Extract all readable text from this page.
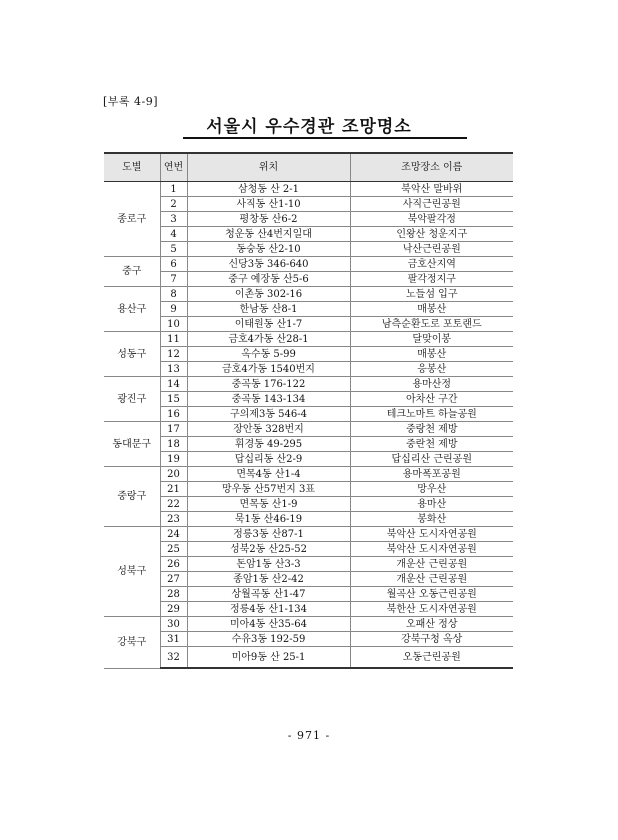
[부록 4-9]
서울시 우수경관 조망명소
도별	연번	위치	조망장소 이름
종로구	1	삼청동 산 2-1	북악산 말바위
	2	사직동 산1-10	사직근린공원
	3	평창동 산6-2	북악팔각정
	4	청운동 산4번지일대	인왕산 청운지구
	5	동숭동 산2-10	낙산근린공원
중구	6	신당3동 346-640	금호산지역
	7	중구 예장동 산5-6	팔각정지구
용산구	8	이촌동 302-16	노들섬 입구
	9	한남동 산8-1	매봉산
	10	이태원동 산1-7	남측순환도로 포토랜드
성동구	11	금호4가동 산28-1	달맞이봉
	12	옥수동 5-99	매봉산
	13	금호4가동 1540번지	응봉산
광진구	14	중곡동 176-122	용마산정
	15	중곡동 143-134	아차산 구간
	16	구의제3동 546-4	테크노마트 하늘공원
동대문구	17	장안동 328번지	중랑천 제방
	18	휘경동 49-295	중란천 제방
	19	답십리동 산2-9	답십리산 근린공원
중랑구	20	면목4동 산1-4	용마폭포공원
	21	망우동 산57번지 3표	망우산
	22	면목동 산1-9	용마산
	23	묵1동 산46-19	봉화산
성북구	24	정릉3동 산87-1	북악산 도시자연공원
	25	성북2동 산25-52	북악산 도시자연공원
	26	돈암1동 산3-3	개운산 근린공원
	27	종암1동 산2-42	개운산 근린공원
	28	상월곡동 산1-47	월곡산 오동근린공원
	29	정릉4동 산1-134	북한산 도시자연공원
강북구	30	미아4동 산35-64	오패산 정상
	31	수유3동 192-59	강북구청 옥상
	32	미아9동 산 25-1	오동근린공원
- 971 -
